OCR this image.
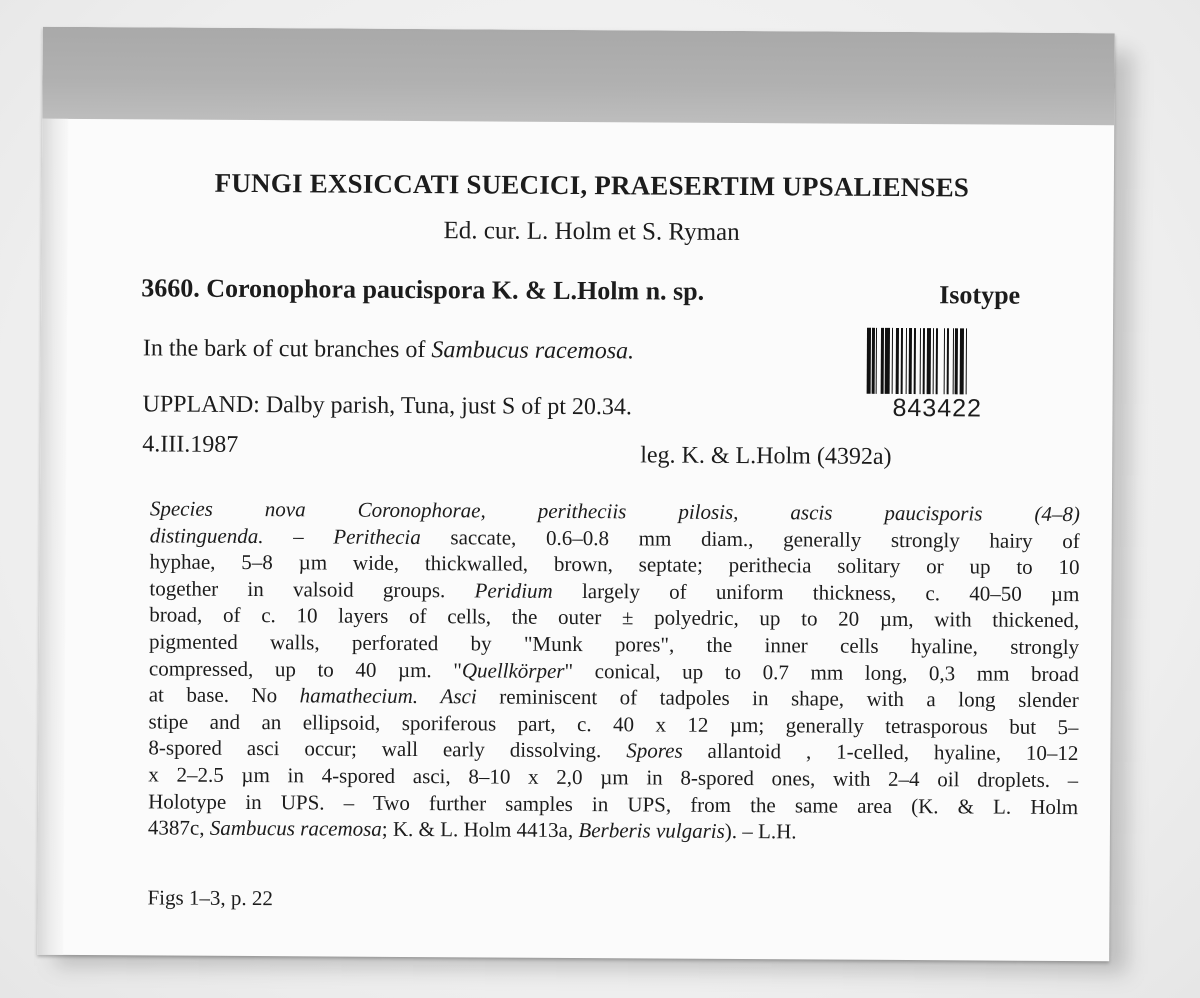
FUNGI EXSICCATI SUECICI, PRAESERTIM UPSALIENSES
Ed. cur. L. Holm et S. Ryman
3660. Coronophora paucispora K. & L.Holm n. sp.	Isotype
In the bark of cut branches of Sambucus racemosa.
UPPLAND: Dalby parish, Tuna, just S of pt 20.34.
4.III.1987	leg. K. & L.Holm (4392a)
843422
Species nova Coronophorae, peritheciis pilosis, ascis paucisporis (4–8)
distinguenda. – Perithecia saccate, 0.6–0.8 mm diam., generally strongly hairy of
hyphae, 5–8 µm wide, thickwalled, brown, septate; perithecia solitary or up to 10
together in valsoid groups. Peridium largely of uniform thickness, c. 40–50 µm
broad, of c. 10 layers of cells, the outer ± polyedric, up to 20 µm, with thickened,
pigmented walls, perforated by "Munk pores", the inner cells hyaline, strongly
compressed, up to 40 µm. "Quellkörper" conical, up to 0.7 mm long, 0,3 mm broad
at base. No hamathecium. Asci reminiscent of tadpoles in shape, with a long slender
stipe and an ellipsoid, sporiferous part, c. 40 x 12 µm; generally tetrasporous but 5–
8-spored asci occur; wall early dissolving. Spores allantoid , 1-celled, hyaline, 10–12
x 2–2.5 µm in 4-spored asci, 8–10 x 2,0 µm in 8-spored ones, with 2–4 oil droplets. –
Holotype in UPS. – Two further samples in UPS, from the same area (K. & L. Holm
4387c, Sambucus racemosa; K. & L. Holm 4413a, Berberis vulgaris). – L.H.
Figs 1–3, p. 22
